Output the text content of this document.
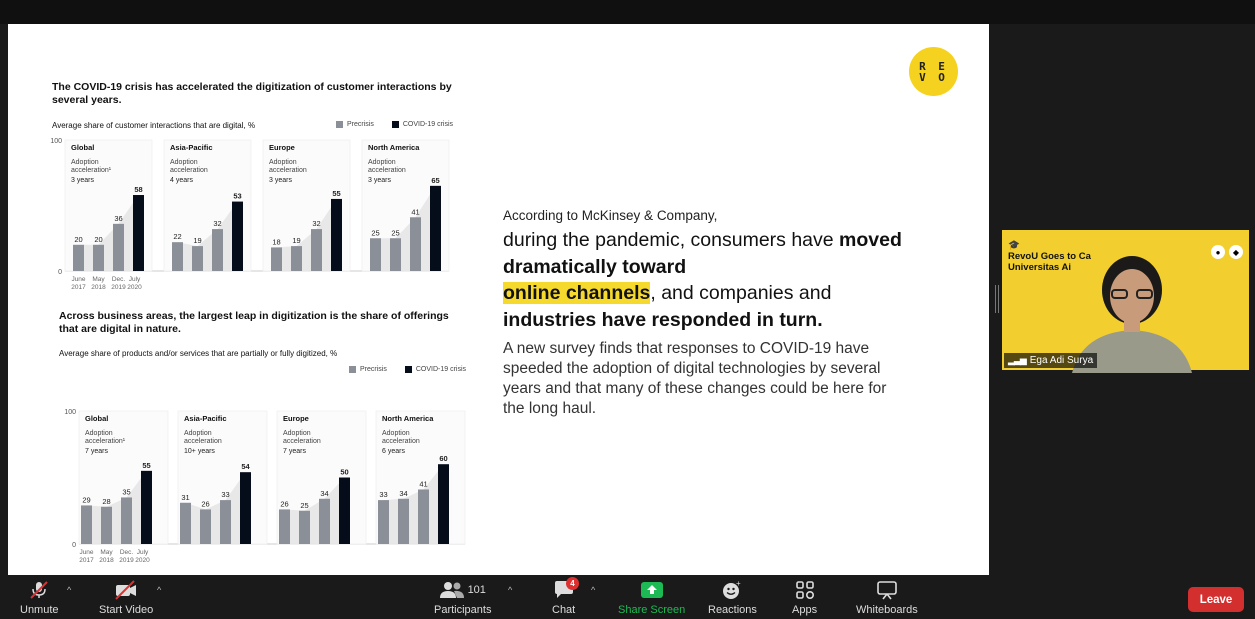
The COVID-19 crisis has accelerated the digitization of customer interactions by several years.
Average share of customer interactions that are digital, %	Precrisis	COVID-19 crisis
100
0
Global
Adoption
acceleration¹
3 years
20 20
36
58
Asia-Pacific
Adoption
acceleration
4 years
22 19
32
53
Europe
Adoption
acceleration
3 years
18 19
32
55
North America
Adoption
acceleration
3 years
25 25
41
65
June
2017
May
2018
Dec.
2019
July
2020
Across business areas, the largest leap in digitization is the share of offerings that are digital in nature.
Average share of products and/or services that are partially or fully digitized, %
Precrisis	COVID-19 crisis
100
0
Global
Adoption
acceleration¹
7 years
29 28
35
55
Asia-Pacific
Adoption
acceleration
10+ years
31
26
33
54
Europe
Adoption
acceleration
7 years
26 25
34
50
North America
Adoption
acceleration
6 years
33 34
41
60
June
2017
May
2018
Dec.
2019
July
2020
R E
V O
According to McKinsey & Company,
during the pandemic, consumers have moved dramatically toward
online channels, and companies and industries have responded in turn.
A new survey finds that responses to COVID-19 have speeded the adoption of digital technologies by several years and that many of these changes could be here for the long haul.
🎓
RevoU Goes to Ca
Universitas Ai
●	◆
▂▃▅ Ega Adi Surya
Unmute
^
Start Video
^	101
Participants
^
Chat
4
^
Share Screen
+
Reactions	Apps	Whiteboards
Leave
